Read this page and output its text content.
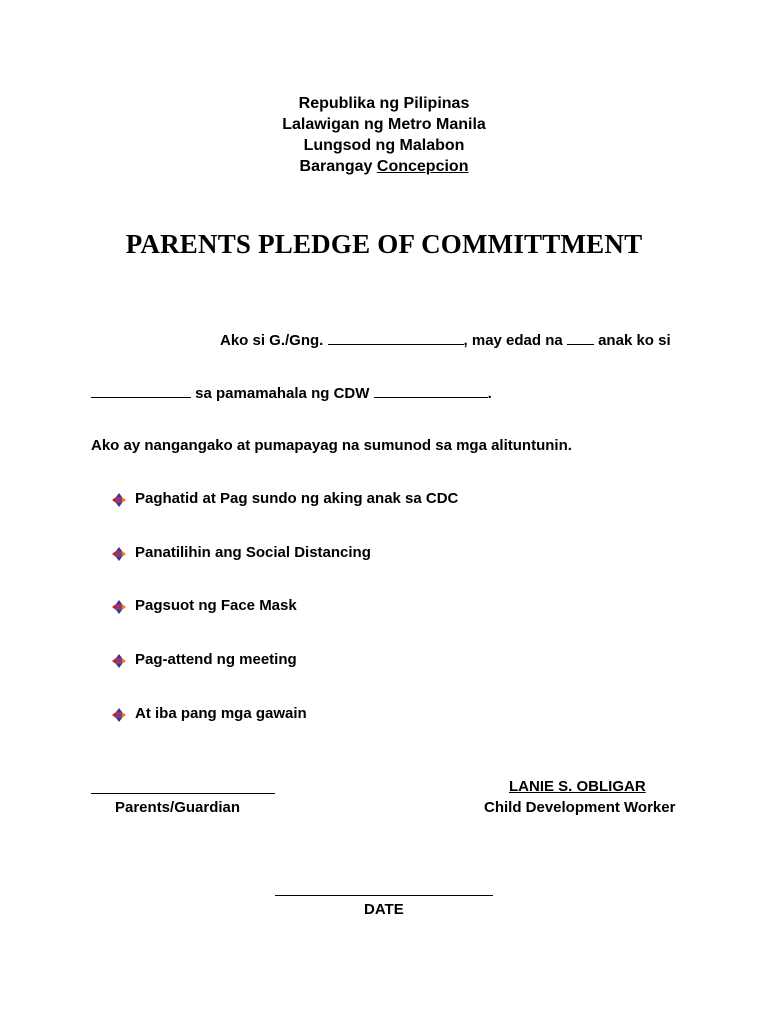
Republika ng Pilipinas
Lalawigan ng Metro Manila
Lungsod ng Malabon
Barangay Concepcion
PARENTS PLEDGE OF COMMITTMENT
Ako si G./Gng.	, may edad na anak ko si
sa pamamahala ng CDW	.
Ako ay nangangako at pumapayag na sumunod sa mga alituntunin.
Paghatid at Pag sundo ng aking anak sa CDC
Panatilihin ang Social Distancing
Pagsuot ng Face Mask
Pag-attend ng meeting
At iba pang mga gawain
Parents/Guardian
LANIE S. OBLIGAR
Child Development Worker
DATE
